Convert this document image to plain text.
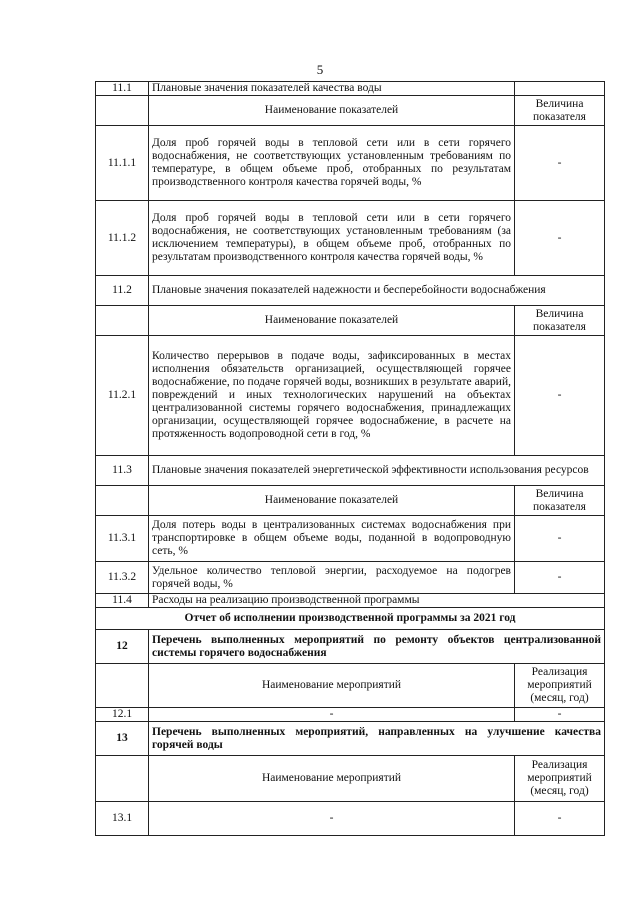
5
11.1	Плановые значения показателей качества воды	
	Наименование показателей	Величина показателя
11.1.1	Доля проб горячей воды в тепловой сети или в сети горячего водоснабжения, не соответствующих установленным требованиям по температуре, в общем объеме проб, отобранных по результатам производственного контроля качества горячей воды, %	-
11.1.2	Доля проб горячей воды в тепловой сети или в сети горячего водоснабжения, не соответствующих установленным требованиям (за исключением температуры), в общем объеме проб, отобранных по результатам производственного контроля качества горячей воды, %	-
11.2	Плановые значения показателей надежности и бесперебойности водоснабжения	
	Наименование показателей	Величина показателя
11.2.1	Количество перерывов в подаче воды, зафиксированных в местах исполнения обязательств организацией, осуществляющей горячее водоснабжение, по подаче горячей воды, возникших в результате аварий, повреждений и иных технологических нарушений на объектах централизованной системы горячего водоснабжения, принадлежащих организации, осуществляющей горячее водоснабжение, в расчете на протяженность водопроводной сети в год, %	-
11.3	Плановые значения показателей энергетической эффективности использования ресурсов	
	Наименование показателей	Величина показателя
11.3.1	Доля потерь воды в централизованных системах водоснабжения при транспортировке в общем объеме воды, поданной в водопроводную сеть, %	-
11.3.2	Удельное количество тепловой энергии, расходуемое на подогрев горячей воды, %	-
11.4	Расходы на реализацию производственной программы	
Отчет об исполнении производственной программы за 2021 год		
12	Перечень выполненных мероприятий по ремонту объектов централизованной системы горячего водоснабжения	
	Наименование мероприятий	Реализация мероприятий (месяц, год)
12.1	-	-
13	Перечень выполненных мероприятий, направленных на улучшение качества горячей воды	
	Наименование мероприятий	Реализация мероприятий (месяц, год)
13.1	-	-
